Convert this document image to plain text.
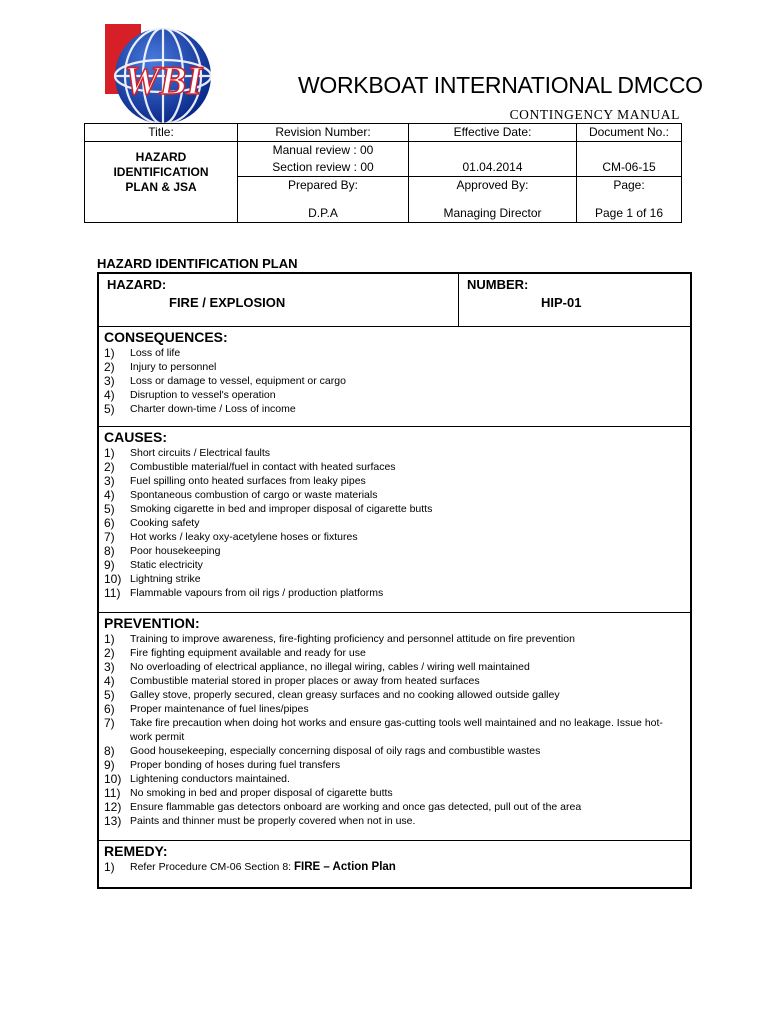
WBI	WORKBOAT INTERNATIONAL DMCCO
CONTINGENCY MANUAL
Title:	Revision Number:	Effective Date:	Document No.:
HAZARD IDENTIFICATION PLAN & JSA	Manual review : 00	01.04.2014	CM-06-15
	Section review : 00		
	Prepared By:	Approved By:	Page:
	D.P.A	Managing Director	Page 1 of 16
HAZARD IDENTIFICATION PLAN
HAZARD:
FIRE / EXPLOSION
NUMBER:
HIP-01
CONSEQUENCES:
1)	Loss of life
2)	Injury to personnel
3)	Loss or damage to vessel, equipment or cargo
4)	Disruption to vessel's operation
5)	Charter down-time / Loss of income
CAUSES:
1)	Short circuits / Electrical faults
2)	Combustible material/fuel in contact with heated surfaces
3)	Fuel spilling onto heated surfaces from leaky pipes
4)	Spontaneous combustion of cargo or waste materials
5)	Smoking cigarette in bed and improper disposal of cigarette butts
6)	Cooking safety
7)	Hot works / leaky oxy-acetylene hoses or fixtures
8)	Poor housekeeping
9)	Static electricity
10) Lightning strike
11) Flammable vapours from oil rigs / production platforms
PREVENTION:
1)	Training to improve awareness, fire-fighting proficiency and personnel attitude on fire prevention
2)	Fire fighting equipment available and ready for use
3)	No overloading of electrical appliance, no illegal wiring, cables / wiring well maintained
4)	Combustible material stored in proper places or away from heated surfaces
5)	Galley stove, properly secured, clean greasy surfaces and no cooking allowed outside galley
6)	Proper maintenance of fuel lines/pipes
7)	Take fire precaution when doing hot works and ensure gas-cutting tools well maintained and no leakage. Issue hot-work permit
8)	Good housekeeping, especially concerning disposal of oily rags and combustible wastes
9)	Proper bonding of hoses during fuel transfers
10) Lightening conductors maintained.
11) No smoking in bed and proper disposal of cigarette butts
12) Ensure flammable gas detectors onboard are working and once gas detected, pull out of the area
13) Paints and thinner must be properly covered when not in use.
REMEDY:
1)	Refer Procedure CM-06 Section 8: FIRE – Action Plan
